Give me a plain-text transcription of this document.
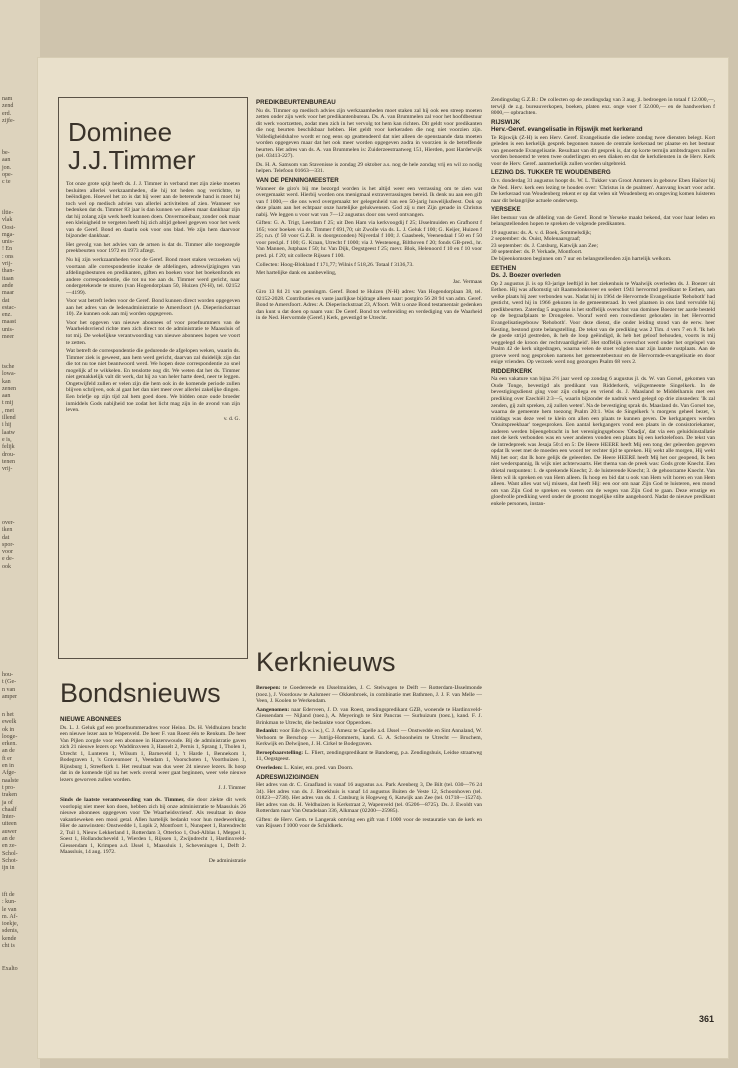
nam
zend
erd.
zijfe-
be-
aan
jon.
ope-
c te
iltie-
vlak
Oost-
mga-
unis-
! En
: ons
vrij-
than-
itaan
ande
maar
dat
estac-
enz.
maast
unis-
meer
tsche
lowa-
kan
zenen
aan
t mij
, met
illend
i hij
laatw
e is,
felijk
drou-
tenen
vrij-
over-
iken
dat
spor-
voor
e de-
ook
hou-
t (Ge-
n van
amper
n het
ewelk
ok in
looge-
erken.
an de
ft er
en in
Afge-
naalste
t pro-
traken
ja of
chaalf
Inter-
uiteen
auwer
an de
en ze-
Schol-
Schot-
ijn in
ift de
: kun-
le van
m. Af-
ioekje,
sdenis,
kende
cht is
Exalto
Dominee
J.J.Timmer

Tot onze grote spijt heeft ds. J. J. Timmer in verband met zijn zieke moeten besluiten allerlei werkzaamheden, die hij tot heden nog verrichtte, te beëindigen. Hoewel het zo is dat hij weer aan de beterende hand is moet hij toch wel op medisch advies van allerlei activiteiten af zien. Wanneer we bedenken dat ds. Timmer 83 jaar is dan kunnen we alleen maar dankbaar zijn dat hij zolang zijn werk heeft kunnen doen. Onvermoeibaar, zonder ook maar een kleinigheid te vergeten heeft hij zich altijd geheel gegeven voor het werk van de Geref. Bond en daarin ook voor ons blad. We zijn hem daarvoor bijzonder dankbaar.

Het gevolg van het advies van de artsen is dat ds. Timmer alle toegezegde preekbeurten voor 1972 en 1973 afzegt.

Nu hij zijn werkzaamheden voor de Geref. Bond moet staken verzoeken wij voortaan alle correspondentie inzake de afdelingen, adreswijzigingen van afdelingsbesturen en predikanten, giften en boeken voor het boekenfonds en andere correspondentie, die tot nu toe aan ds. Timmer werd gericht, naar ondergetekende te sturen (van Hogendorplaan 50, Huizen (N-H), tel. 02152—4199).

Voor wat betreft leden voor de Geref. Bond kunnen direct worden opgegeven aan het adres van de ledenadministratie te Amersfoort (A. Dieperinckstraat 10). Ze kunnen ook aan mij worden opgegeven.

Voor het opgeven van nieuwe abonnees of voor proefnummers van de Waarheidsvriend richte men zich direct tot de administratie te Maassluis of tot mij. De wekelijkse verantwoording van nieuwe abonnees hopen we voort te zetten.

Wat betreft de correspondentie die gedurende de afgelopen weken, waarin ds. Timmer ziek is geweest, aan hem werd gericht, daarvan zal duidelijk zijn dat die tot nu toe niet beantwoord werd. We hopen deze correspondentie zo snel mogelijk af te wikkelen. En tenslotte nog dit. We weten dat het ds. Timmer niet gemakkelijk valt dit werk, dat hij zo van heler harte deed, neer te leggen. Ongetwijfeld zullen er velen zijn die hem ook in de komende periode zullen blijven schrijven, ook al gaat het dan niet meer over allerlei zakelijke dingen. Een briefje op zijn tijd zal hem goed doen. We bidden onze oude broeder inmiddels Gods nabijheid toe zodat het licht mag zijn in de avond van zijn leven.

v. d. G.
Bondsnieuws
NIEUWE ABONNEES

Ds. L. J. Geluk gaf een proefnummeradres voor Heino. Ds. H. Veldhuizen bracht een nieuwe lezer aan te Wapenveld. De heer F. van Roest één te Renkum. De heer Van Pijlen zorgde voor een abonnee in Hazerswoude. Bij de administratie gaven zich 21 nieuwe lezers op: Waddinxveen 3, Hasselt 2, Pernis 1, Sprang 1, Tholen 1, Utrecht 1, Lunteren 1, Wilsum 1, Barneveld 1, 't Harde 1, Bennekom 1, Bodegraven 1, 's Gravenmoer 1, Veendam 1, Voorschoten 1, Voorthuizen 1, Rijnsburg 1, Streefkerk 1. Het resultaat was dus weer 24 nieuwe lezers. Ik hoop dat in de komende tijd nu het werk overal weer gaat beginnen, weer vele nieuwe lezers geworven zullen worden.

J. J. Timmer

Sinds de laatste verantwoording van ds. Timmer, die door ziekte dit werk voorlopig niet meer kon doen, hebben zich bij onze administratie te Maassluis 26 nieuwe abonnees opgegeven voor 'De Waarheidsvriend'. Als resultaat in deze vakantieweken een mooi getal. Allen hartelijk bedankt voor hun medewerking. Hier de aanwinsten: Onstwedde 1, Lopik 2, Montfoort 1, Nunspeet 1, Barendrecht 2, Tuil 1, Nieuw Lekkerland 1, Rotterdam 3, Otterloo 1, Oud-Alblas 1, Meppel 1, Soest 1, Hollandscheveld 1, Wierden 1, Rijssen 1, Zwijndrecht 1, Hardinxveld-Giessendam 1, Krimpen a.d. IJssel 1, Maassluis 1, Scheveningen 1, Delft 2. Maassluis, 14 aug. 1972.

De administratie
PREDIKBEURTENBUREAU

Nu ds. Timmer op medisch advies zijn werkzaamheden moet staken zal hij ook een streep moeten zetten onder zijn werk voor het predikantenbureau. Ds. A. van Brummelen zal voor het hoofdbestuur dit werk voortzetten, zodat men zich in het vervolg tot hem kan richten. Dit geldt voor predikanten die nog beurten beschikbaar hebben. Het geldt voor kerkeraden die nog niet voorzien zijn. Volledigheidshalve wordt er nog eens op geattendeerd dat niet alleen de openstaande data moeten worden opgegeven maar dat het ook meer worden opgegeven zodra in voorzien is de betreffende beurten. Het adres van ds. A. van Brummelen is: Zuiderzeestraatweg 151, Hierden, post Harderwijk (tel. 03413-227).

Ds. H. A. Samsom van Stavenisse is zondag 29 oktober a.s. nog de hele zondag vrij en wil zo nodig helpen. Telefoon 01663—331.

VAN DE PENNINGMEESTER

Wanneer de giro's bij me bezorgd worden is het altijd weer een verrassing om te zien wat overgemaakt werd. Hierbij worden ons menigmaal extraverrassingen bereid. Ik denk nu aan een gift van f 1000,— die ons werd overgemaakt ter gelegenheid van een 50-jarig huwelijksfeest. Ook op deze plaats aan het echtpaar onze hartelijke gelukwensen. God zij u met Zijn genade in Christus nabij. We leggen u voor wat van 7—12 augustus door ons werd ontvangen.

Giften: G. A. Trigt, Leerdam f 25; uit Den Ham via kerkvoogdij f 25; IJsselmuiden en Grafhorst f 165; voor boeken via ds. Timmer f 691,70; uit Zwolle via ds. L. J. Geluk f 100; G. Keijer, Huizen f 25; n.n. (f 50 voor G.Z.B. is doorgezonden) Nijverdal f 100; J. Gaasbeek, Veenendaal f 50 en f 50 voor pred.pl. f 100; G. Kraan, Utrecht f 1000; via J. Westeneng, Bilthoven f 20; fonds GB-pred., hr. Van Mannen, Jutphaas f 50; hr. Van Dijk, Oegstgeest f 25; mevr. Blok, Helenoord f 10 en f 10 voor pred. pl. f 20; uit collecte Rijssen f 100.

Collecten: Hoog-Blokland f 171,77; Wilnis f 518,26. Totaal f 3136,73.

Met hartelijke dank en aanbeveling,

Jac. Vermaas

Giro 13 84 21 van penningm. Geref. Bond te Huizen (N-H) adres: Van Hogendorplaan 38, tel. 02152-2028. Contributies en vaste jaarlijkse bijdrage alleen naar: postgiro 56 28 94 van adm. Geref. Bond te Amersfoort. Adres: A. Dieperinckstraat 23, A'foort. Wilt u onze Bond testamentair gedenken dan kunt u dat doen op naam van: De Geref. Bond tot verbreiding en verdediging van de Waarheid in de Ned. Hervormde (Geref.) Kerk, gevestigd te Utrecht.

Kerknieuws

Beroepen: te Goedereede en IJsselmuiden, J. C. Stelwagen te Delft — Rotterdam-IJsselmonde (toez.), J. Voordouw te Aalsmeer — Okkenbroek, in combinatie met Bathmen, J. J. F. van Melle — Veen, J. Koolen te Werkendam.

Aangenomen: naar Ederveen, J. D. van Roest, zendingspredikant GZB, wonende te Hardinxveld-Giessendam — Nijland (toez.), A. Meyeringh te Sint Pancras — Surhuizum (toez.), kand. F. J. Brinkman te Utrecht, die bedankte voor Opperdoes.

Bedankt: voor Ede (b.w.i.w.), C. J. Amesz te Capelle a.d. IJssel — Onstwedde en Sint Annaland, W. Verhoom te Berschop — Jutrijp-Hommerts, kand. G. A. Schoonheim te Utrecht — Bruchem, Kerkwijk en Delwijnen, J. H. Cirkel te Bodegraven.

Beroepbaarstelling: L. Fliert, zendingspredikant te Bandoeng, p.a. Zendingshuis, Leidse straatweg 11, Oegstgeest.

Overleden: L. Knier, em. pred. van Doorn.

ADRESWIJZIGINGEN

Het adres van dr. C. Graafland is vanaf 16 augustus a.s. Park Arenberg 3, De Bilt (tel. 030—76 24 34). Het adres van ds. J. Broekhuis is vanaf 14 augustus Buiten de Veste 12, Schoonhoven (tel. 01823—2738). Het adres van ds. J. Catsburg is Hogeweg 6, Katwijk aan Zee (tel. 01718—15274). Het adres van ds. H. Veldhuizen is Kerkstraat 2, Wapenveld (tel. 05206—8725). Ds. J. Ewoldt van Rotterdam naar Van Ostadelaan 336, Alkmaar (02200—25985).

Giften: de Herv. Gem. te Langerak ontving een gift van f 1000 voor de restauratie van de kerk en van Rijssen f 1000 voor de Schildkerk.

Zendingsdag G.Z.B.: De collecten op de zendingsdag van 3 aug. jl. bedroegen in totaal f 12.000,—, terwijl de z.g. bureauverkopen, boeken, platen enz. onge voer f 32.000,— en de handwerken f 8000,— opbrachten.

RIJSWIJK
Herv.-Geref. evangelisatie in Rijswijk met kerkerand

Te Rijswijk (Z-H) is een Herv. Geref. Evangelisatie die iedere zondag twee diensten belegt. Kort geleden is een kerkelijk gesprek begonnen tussen de centrale kerkeraad ter plaatse en het bestuur van genoemde Evangelisatie. Resultaat van dit gesprek is, dat op korte termijn ambtsdragers zullen worden benoemd te veten twee ouderlingen en een diaken en dat de kerkdiensten in de Herv. Kerk voor de Herv. Geref. aanmerkelijk zullen worden uitgebreid.

LEZING DS. TUKKER TE WOUDENBERG

D.v. donderdag 31 augustus hoopt ds. W. L. Tukker van Groot Ammers in gebouw Eben Haëzer bij de Ned. Herv. kerk een lezing te houden over: 'Christus in de psalmen'. Aanvang kwart voor acht. De kerkeraad van Woudenberg rekent er op dat velen uit Woudenberg en omgeving komen luisteren naar dit belangrijke actuele onderwerp.

YERSEKE

Het bestuur van de afdeling van de Geref. Bond te Yerseke maakt bekend, dat voor haar leden en belangstellenden hopen te spreken de volgende predikanten.

19 augustus: ds. A. v. d. Boek, Sommelsdijk;
2 september: ds. Ouist, Molenaarsgraaf;
23 september: ds. J. Catsburg, Katwijk aan Zee;
30 september: ds. P. Verkade, Montfoort.

De bijeenkomsten beginnen om 7 uur en belangstellenden zijn hartelijk welkom.

EETHEN
Ds. J. Boezer overleden

Op 2 augustus jl. is op 83-jarige leeftijd in het ziekenhuis te Waalwijk overleden ds. J. Boezer uit Eethen. Hij was afkomstig uit Raamsdonksveer en sedert 1941 hervormd predikant te Eethen, aan welke plaats hij zeer verbonden was. Nadat hij in 1964 de Hervormde Evangelisatie 'Rehoboth' had gesticht, werd hij in 1966 gekozen in de gemeenteraad. In veel plaatsen in ons land vervulde hij predikbeurten. Zaterdag 5 augustus is het stoffelijk overschot van dominee Boezer ter aarde besteld op de begraafplaats te Drongelen. Vooraf werd een rouwdienst gehouden in het Hervormd Evangelisatiegebouw 'Rehoboth'. Voor deze dienst, die onder leiding stond van de eerw. heer Kesting, bestond grote belangstelling. De tekst van de prediking was 2 Tim. 4 vers 7 en 8. 'Ik heb de goede strijd gestreden, ik heb de loop geëindigd, ik heb het geloof behouden, voorts is mij weggelegd de kroon der rechtvaardigheid'. Het stoffelijk overschot werd onder het orgelspel van Psalm 42 de kerk uitgedragen, waarna velen de stoet volgden naar zijn laatste rustplaats. Aan de groeve werd nog gesproken namens het gemeentebestuur en de Hervormde-evangelisatie en door enige vrienden. Op verzoek werd nog gezongen Psalm 68 vers 2.

RIDDERKERK

Na een vakature van bijna 2½ jaar werd op zondag 6 augustus jl. ds. W. van Gorsel, gekomen van Oude Tonge, bevestigd als predikant van Ridderkerk, wijkgemeente Singelkerk. In de bevestigingsdienst ging voor zijn collega en vriend ds. J. Maasland te Middelharnis met een prediking over Ezechiël 2:3—5, waarin bijzonder de nadruk werd gelegd op drie zinsneden: 'Ik zal zenden, gij zult spreken, zij zullen weten'. Na de bevestiging sprak ds. Maasland ds. Van Gorsel toe, waarna de gemeente hem toezong Psalm 20:1. Was de Singelkerk 's morgens geheel bezet, 's middags was deze veel te klein om allen een plaats te kunnen geven. De kerkgangers werden 'Onuitspreekbaar' toegesproken. Een aantal kerkgangers vond een plaats in de consistoriekamer, anderen werden bijeengebracht in het verenigingsgebouw 'Obadja', dat via een geluidsinstallatie met de kerk verbonden was en weer anderen vonden een plaats bij een kerktelefoon. De tekst van de intredepreek was Jesaja 50:4 en 5: De Heere HEERE heeft Mij een tong der geleerden gegeven opdat Ik weet met de moeden een woord ter rechter tijd te spreken. Hij wekt alle morgen, Hij wekt Mij het oor; dat Ik hore gelijk de geleerden. De Heere HEERE heeft Mij het oor geopend, Ik ben niet wederspannig, Ik wijk niet achterwaarts. Het thema van de preek was: Gods grote Knecht. Een drietal rustpunten: 1. de sprekende Knecht; 2. de luisterende Knecht; 3. de gehoorzame Knecht. Van Hem wil ik spreken en van Hem alleen. Ik hoop en bid dat u ook van Hem wilt horen en van Hem alleen. Want alles wat wij missen, dat heeft Hij: een oor om naar Zijn God te luisteren, een mond om van Zijn God te spreken en voeten om de wegen van Zijn God te gaan. Deze ernstige en gloedvolle prediking werd onder de grootst mogelijke stilte aangehoord. Nadat de nieuwe predikant enkele personen, instan-

361
